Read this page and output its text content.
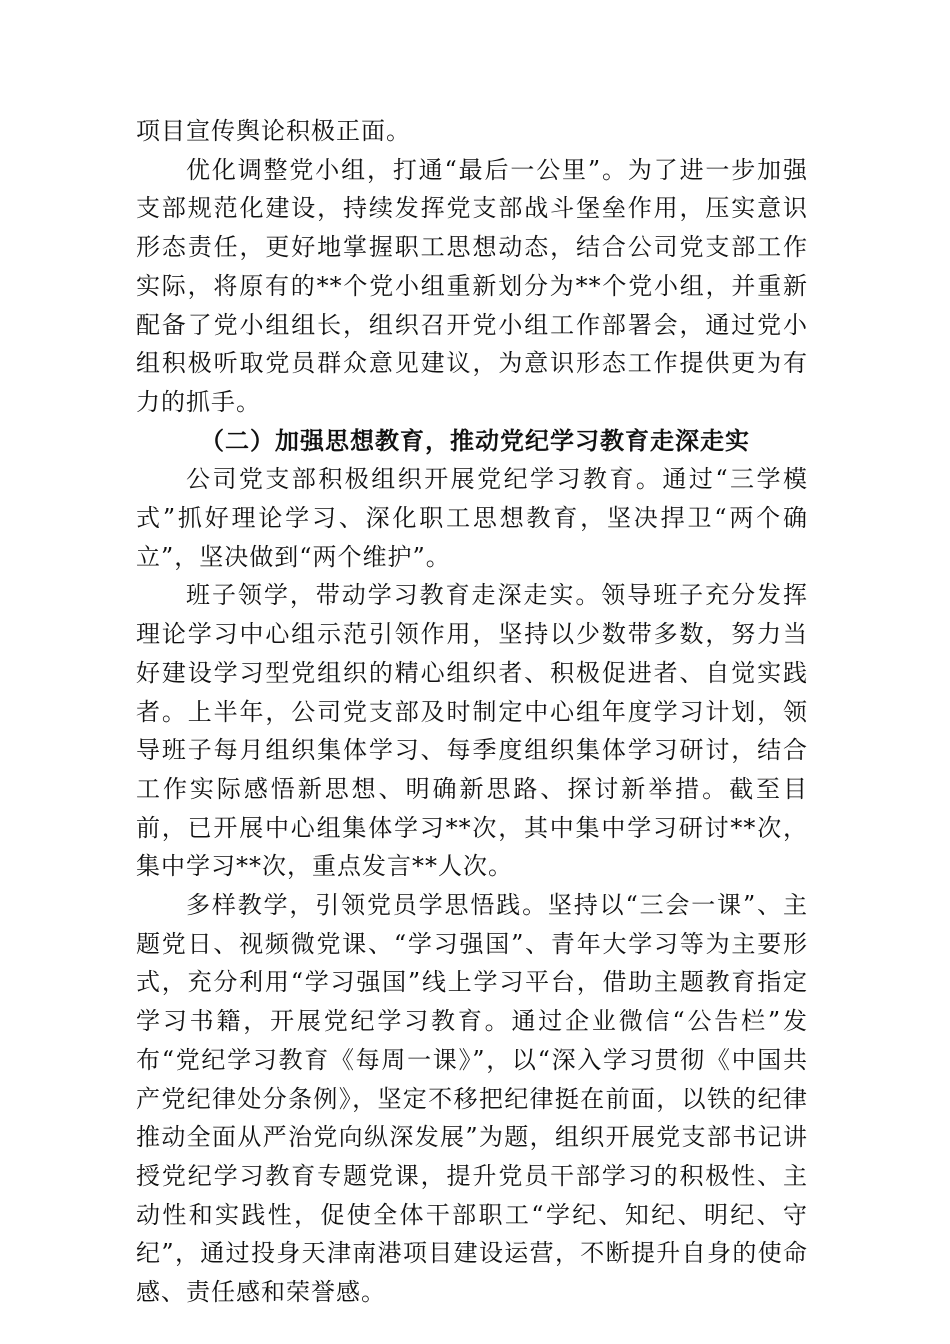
项目宣传舆论积极正面。

优化调整党小组，打通“最后一公里”。为了进一步加强支部规范化建设，持续发挥党支部战斗堡垒作用，压实意识形态责任，更好地掌握职工思想动态，结合公司党支部工作实际，将原有的**个党小组重新划分为**个党小组，并重新配备了党小组组长，组织召开党小组工作部署会，通过党小组积极听取党员群众意见建议，为意识形态工作提供更为有力的抓手。

（二）加强思想教育，推动党纪学习教育走深走实

公司党支部积极组织开展党纪学习教育。通过“三学模式”抓好理论学习、深化职工思想教育，坚决捍卫“两个确立”，坚决做到“两个维护”。

班子领学，带动学习教育走深走实。领导班子充分发挥理论学习中心组示范引领作用，坚持以少数带多数，努力当好建设学习型党组织的精心组织者、积极促进者、自觉实践者。上半年，公司党支部及时制定中心组年度学习计划，领导班子每月组织集体学习、每季度组织集体学习研讨，结合工作实际感悟新思想、明确新思路、探讨新举措。截至目前，已开展中心组集体学习**次，其中集中学习研讨**次，集中学习**次，重点发言**人次。

多样教学，引领党员学思悟践。坚持以“三会一课”、主题党日、视频微党课、“学习强国”、青年大学习等为主要形式，充分利用“学习强国”线上学习平台，借助主题教育指定学习书籍，开展党纪学习教育。通过企业微信“公告栏”发布“党纪学习教育《每周一课》”，以“深入学习贯彻《中国共产党纪律处分条例》，坚定不移把纪律挺在前面，以铁的纪律推动全面从严治党向纵深发展”为题，组织开展党支部书记讲授党纪学习教育专题党课，提升党员干部学习的积极性、主动性和实践性，促使全体干部职工“学纪、知纪、明纪、守纪”，通过投身天津南港项目建设运营，不断提升自身的使命感、责任感和荣誉感。
